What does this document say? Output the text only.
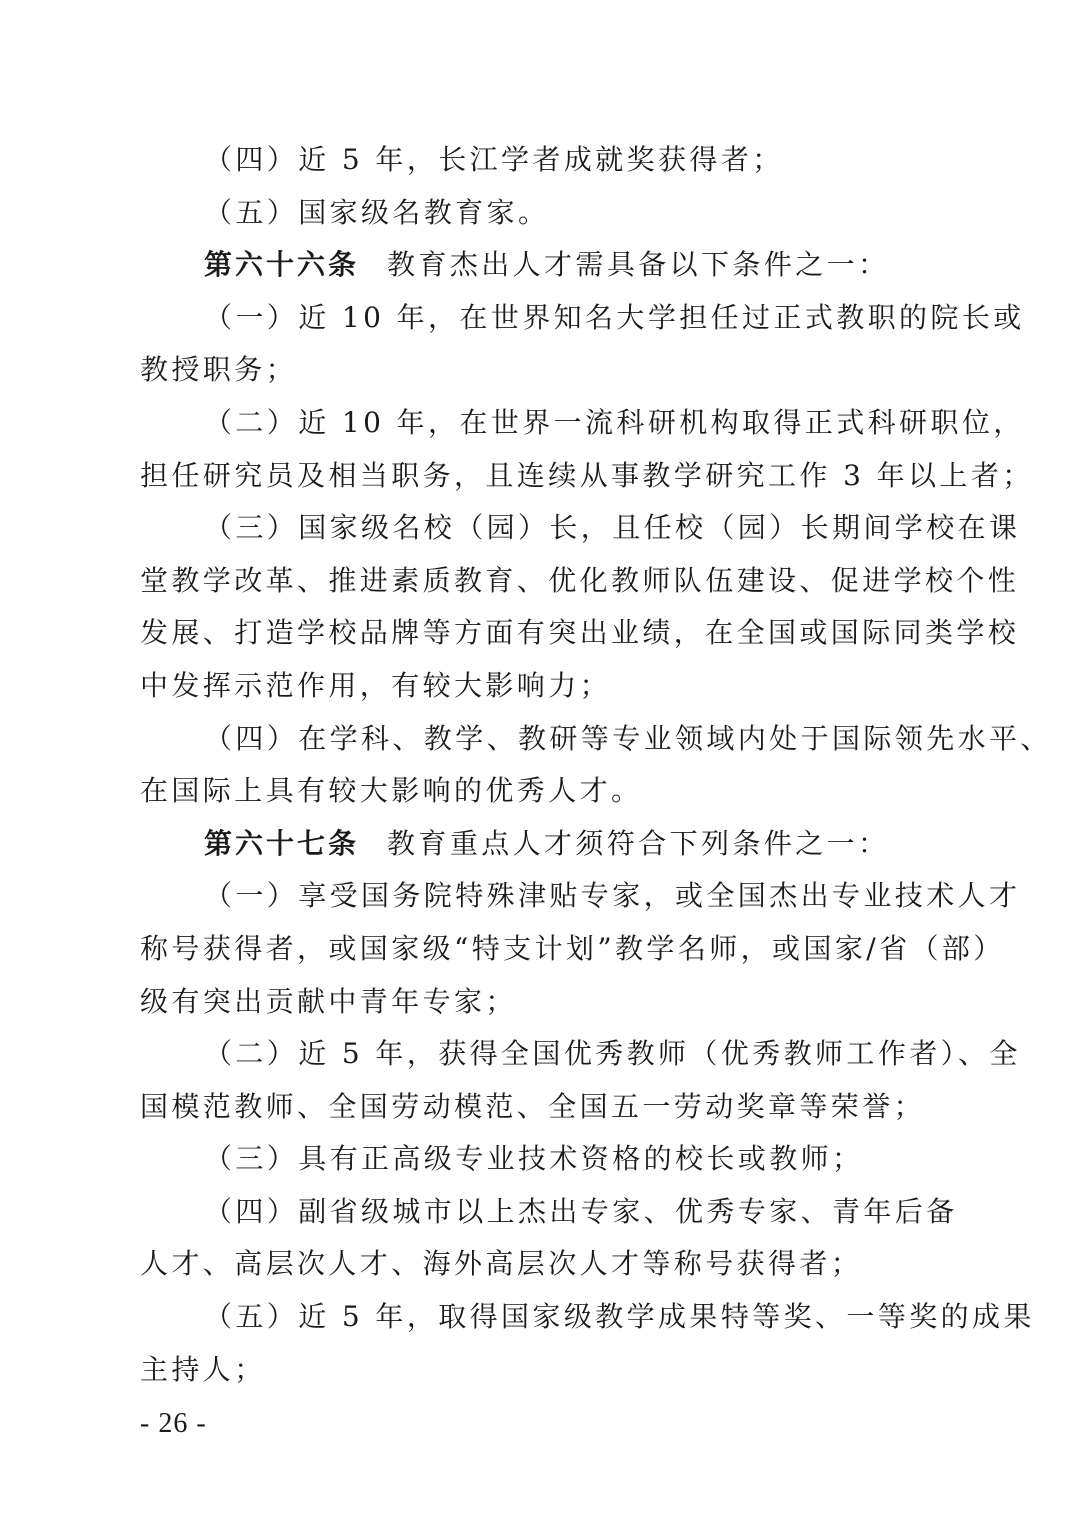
（四）近 5 年，长江学者成就奖获得者；
（五）国家级名教育家。
第六十六条 教育杰出人才需具备以下条件之一：
（一）近 10 年，在世界知名大学担任过正式教职的院长或
教授职务；
（二）近 10 年，在世界一流科研机构取得正式科研职位，
担任研究员及相当职务，且连续从事教学研究工作 3 年以上者；
（三）国家级名校（园）长，且任校（园）长期间学校在课
堂教学改革、推进素质教育、优化教师队伍建设、促进学校个性
发展、打造学校品牌等方面有突出业绩，在全国或国际同类学校
中发挥示范作用，有较大影响力；
（四）在学科、教学、教研等专业领域内处于国际领先水平、
在国际上具有较大影响的优秀人才。
第六十七条 教育重点人才须符合下列条件之一：
（一）享受国务院特殊津贴专家，或全国杰出专业技术人才
称号获得者，或国家级“特支计划”教学名师，或国家/省（部）
级有突出贡献中青年专家；
（二）近 5 年，获得全国优秀教师（优秀教师工作者）、全
国模范教师、全国劳动模范、全国五一劳动奖章等荣誉；
（三）具有正高级专业技术资格的校长或教师；
（四）副省级城市以上杰出专家、优秀专家、青年后备
人才、高层次人才、海外高层次人才等称号获得者；
（五）近 5 年，取得国家级教学成果特等奖、一等奖的成果
主持人；
- 26 -
